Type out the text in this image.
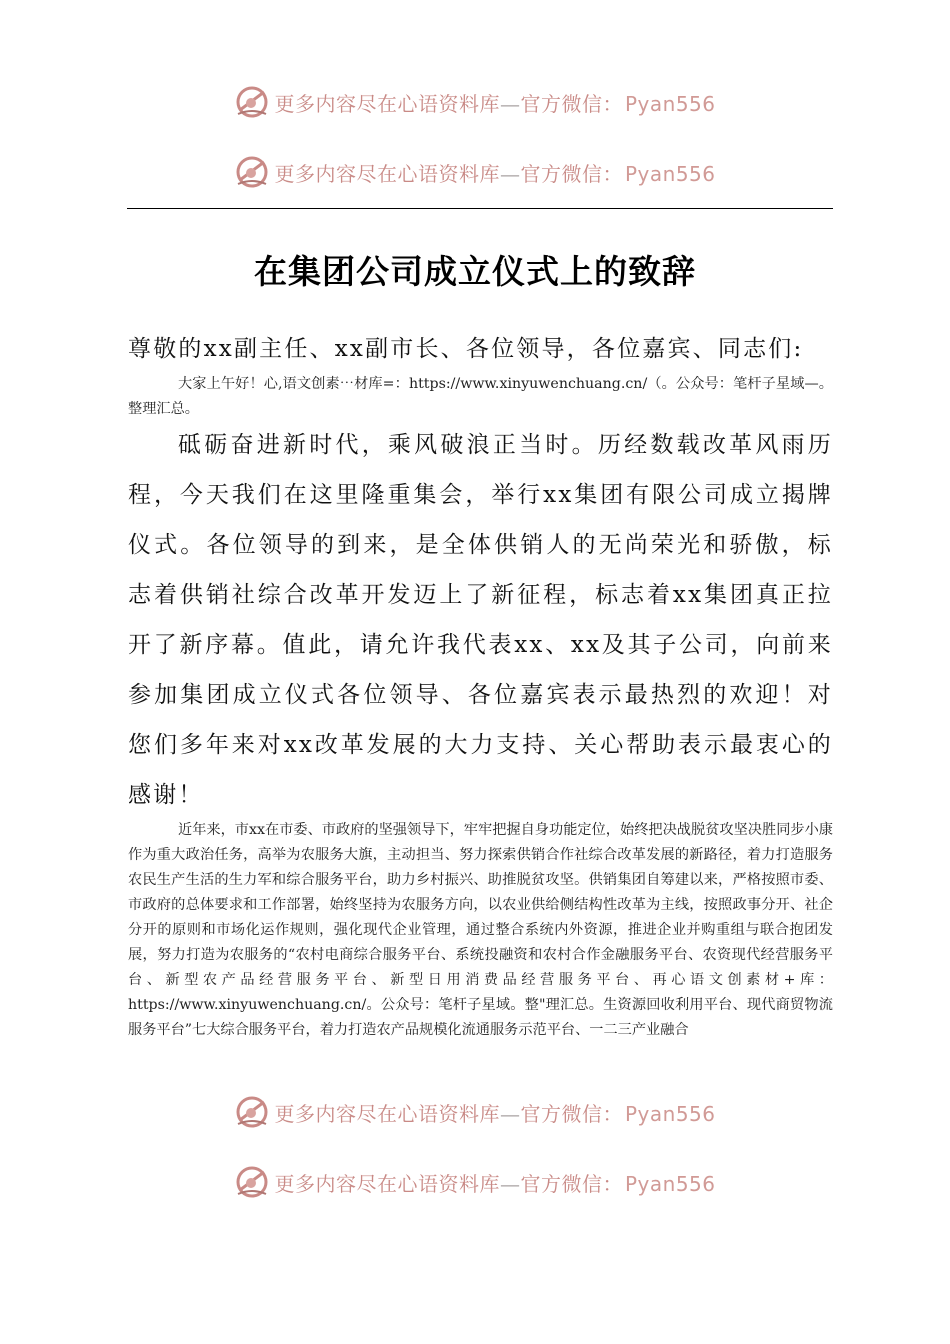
更多内容尽在心语资料库—官方微信： Pyan556
更多内容尽在心语资料库—官方微信： Pyan556
在集团公司成立仪式上的致辞
尊敬的xx副主任、xx副市长、各位领导，各位嘉宾、同志们:
大家上午好！心,语文创素⋯材库=：https://www.xinyuwenchuang.cn/（。公众号：笔杆子星域—。整理汇总。
砥砺奋进新时代，乘风破浪正当时。历经数载改革风雨历程，今天我们在这里隆重集会，举行xx集团有限公司成立揭牌仪式。各位领导的到来，是全体供销人的无尚荣光和骄傲，标志着供销社综合改革开发迈上了新征程，标志着xx集团真正拉开了新序幕。值此，请允许我代表xx、xx及其子公司，向前来参加集团成立仪式各位领导、各位嘉宾表示最热烈的欢迎！对您们多年来对xx改革发展的大力支持、关心帮助表示最衷心的感谢！
近年来，市xx在市委、市政府的坚强领导下，牢牢把握自身功能定位，始终把决战脱贫攻坚决胜同步小康作为重大政治任务，高举为农服务大旗，主动担当、努力探索供销合作社综合改革发展的新路径，着力打造服务农民生产生活的生力军和综合服务平台，助力乡村振兴、助推脱贫攻坚。供销集团自筹建以来，严格按照市委、市政府的总体要求和工作部署，始终坚持为农服务方向，以农业供给侧结构性改革为主线，按照政事分开、社企分开的原则和市场化运作规则，强化现代企业管理，通过整合系统内外资源，推进企业并购重组与联合抱团发展，努力打造为农服务的“农村电商综合服务平台、系统投融资和农村合作金融服务平台、农资现代经营服务平台、新型农产品经营服务平台、新型日用消费品经营服务平台、再心语文创素材+库：https://www.xinyuwenchuang.cn/。公众号：笔杆子星域。整"理汇总。生资源回收利用平台、现代商贸物流服务平台”七大综合服务平台，着力打造农产品规模化流通服务示范平台、一二三产业融合
更多内容尽在心语资料库—官方微信： Pyan556
更多内容尽在心语资料库—官方微信： Pyan556
